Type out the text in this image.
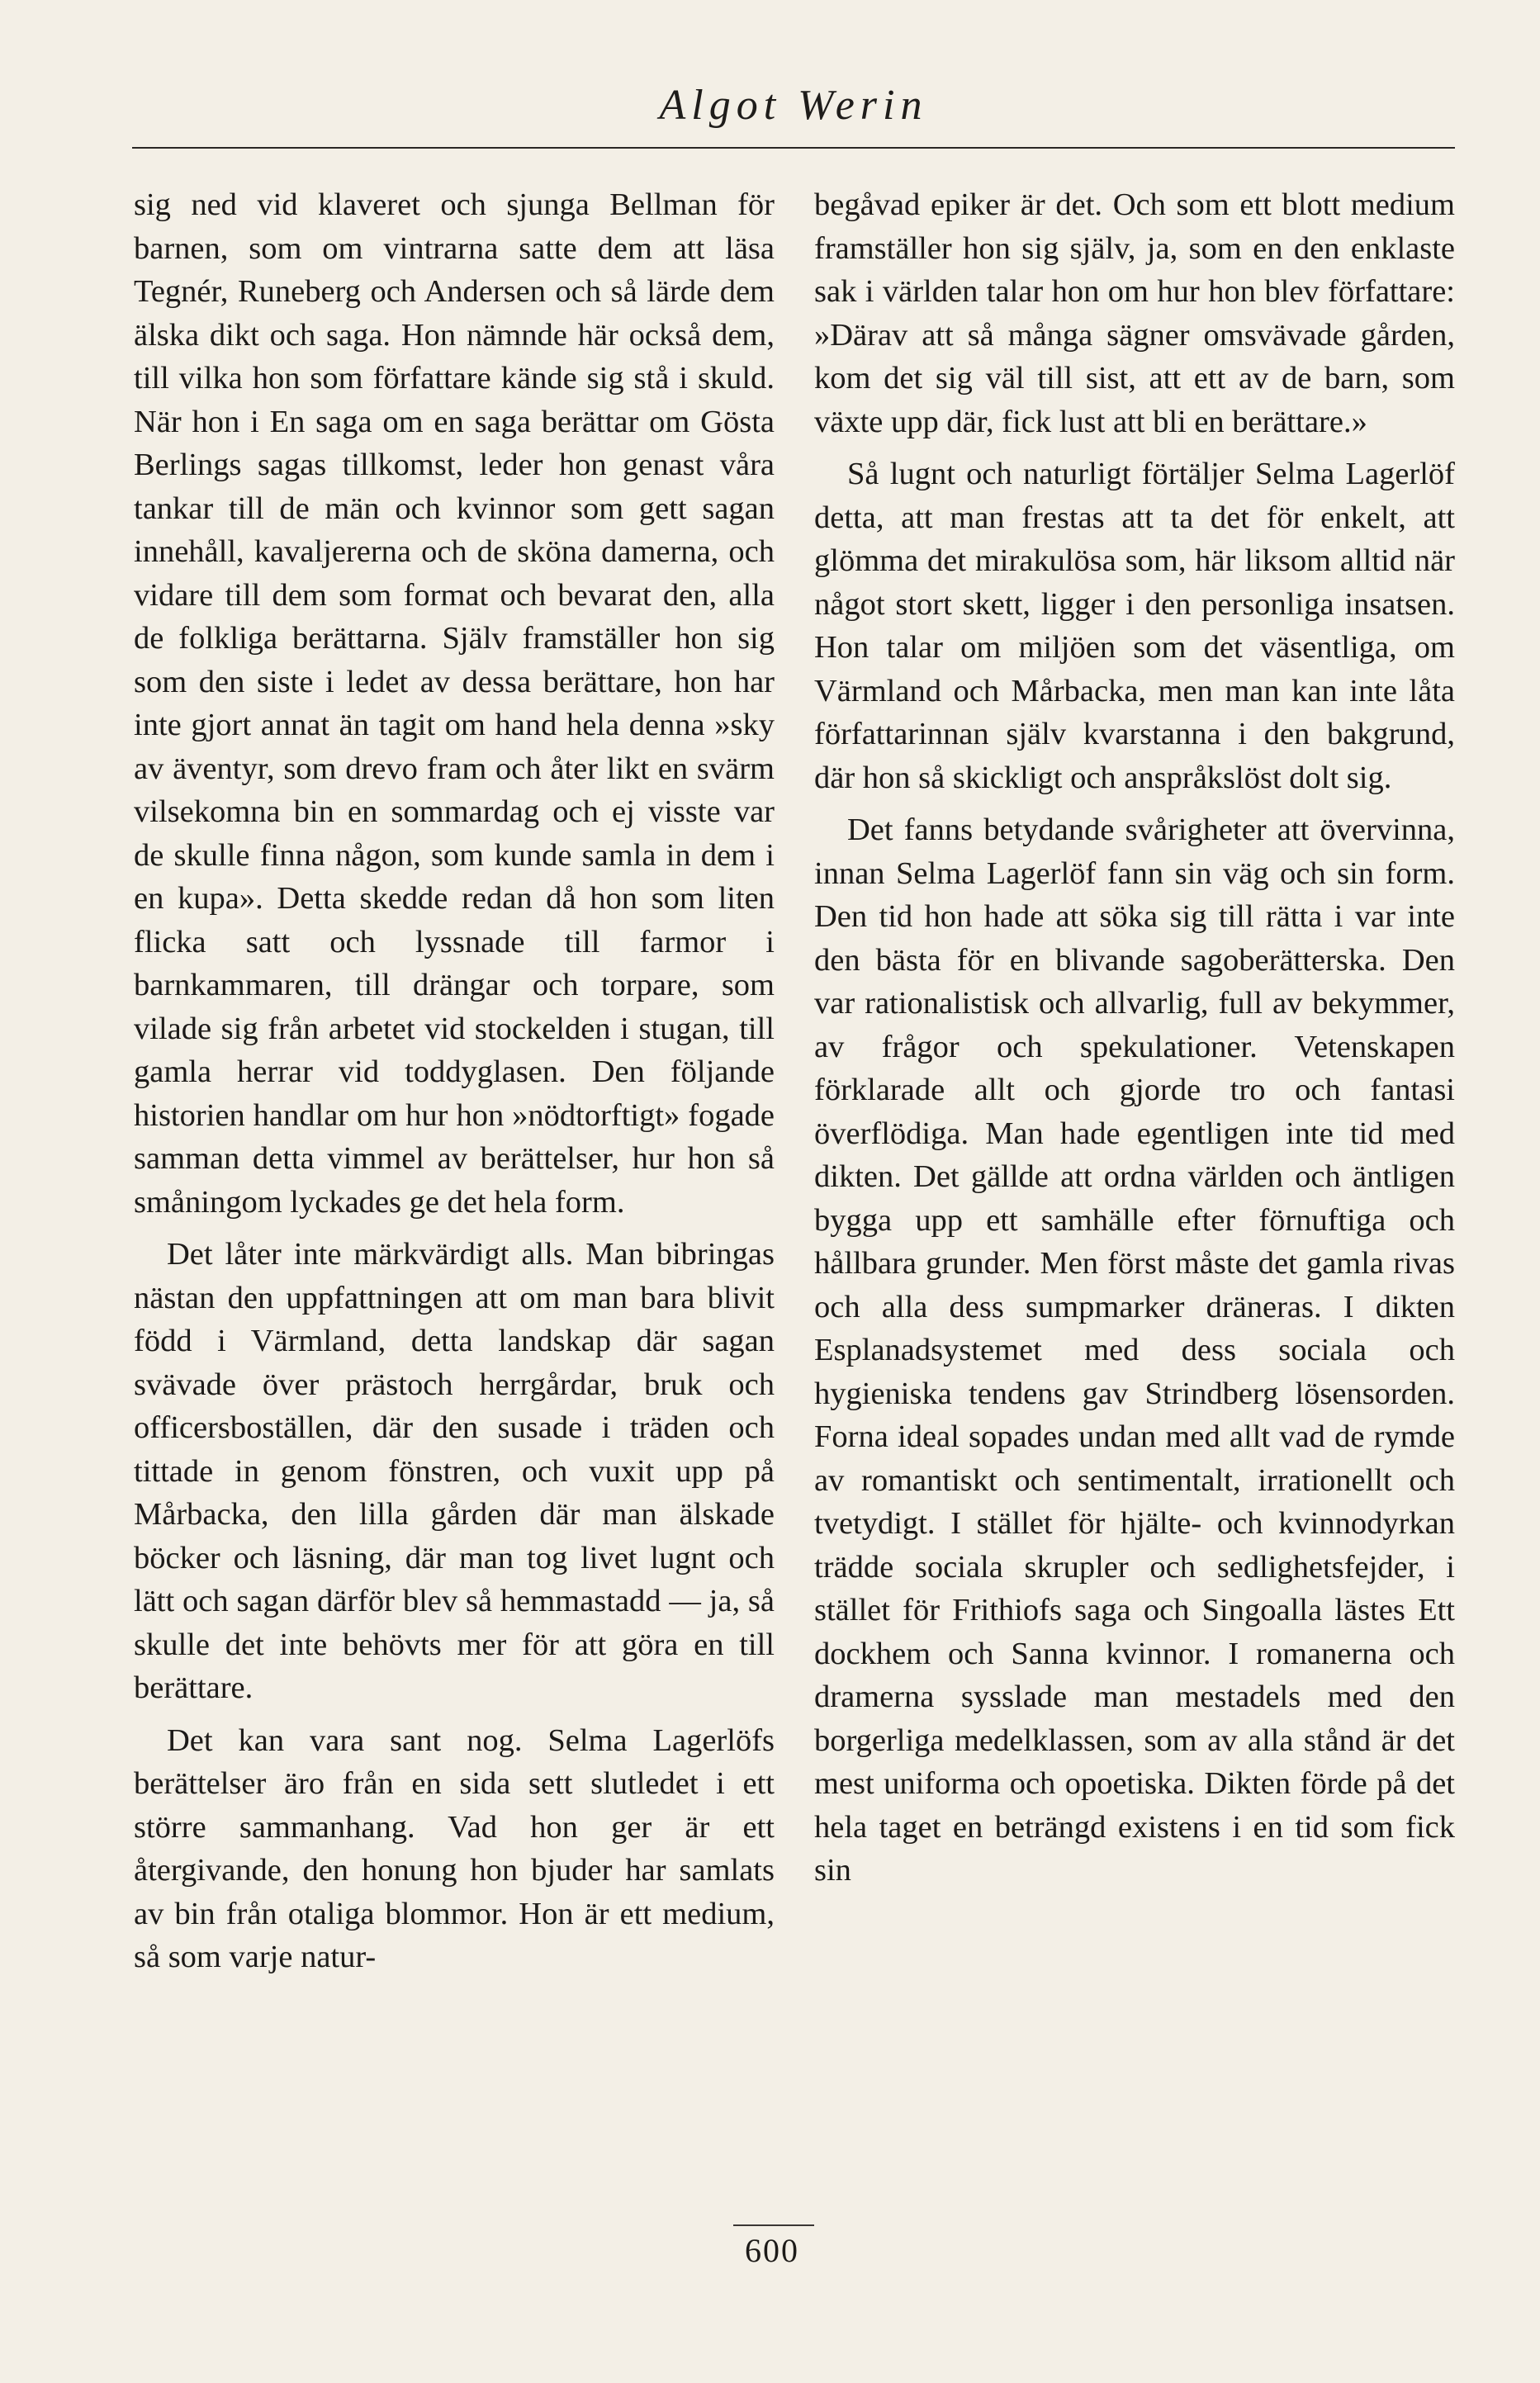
Algot Werin

sig ned vid klaveret och sjunga Bellman för barnen, som om vintrarna satte dem att läsa Tegnér, Runeberg och Andersen och så lärde dem älska dikt och saga. Hon nämnde här också dem, till vilka hon som författare kände sig stå i skuld. När hon i En saga om en saga berättar om Gösta Berlings sagas tillkomst, leder hon genast våra tankar till de män och kvinnor som gett sagan innehåll, kavaljererna och de sköna damerna, och vidare till dem som format och bevarat den, alla de folkliga berättarna. Själv framställer hon sig som den siste i ledet av dessa berättare, hon har inte gjort annat än tagit om hand hela denna »sky av äventyr, som drevo fram och åter likt en svärm vilsekomna bin en sommardag och ej visste var de skulle finna någon, som kunde samla in dem i en kupa». Detta skedde redan då hon som liten flicka satt och lyssnade till farmor i barnkammaren, till drängar och torpare, som vilade sig från arbetet vid stockelden i stugan, till gamla herrar vid toddyglasen. Den följande historien handlar om hur hon »nödtorftigt» fogade samman detta vimmel av berättelser, hur hon så småningom lyckades ge det hela form.

Det låter inte märkvärdigt alls. Man bibringas nästan den uppfattningen att om man bara blivit född i Värmland, detta landskap där sagan svävade över prästoch herrgårdar, bruk och officersboställen, där den susade i träden och tittade in genom fönstren, och vuxit upp på Mårbacka, den lilla gården där man älskade böcker och läsning, där man tog livet lugnt och lätt och sagan därför blev så hemmastadd — ja, så skulle det inte behövts mer för att göra en till berättare.

Det kan vara sant nog. Selma Lagerlöfs berättelser äro från en sida sett slutledet i ett större sammanhang. Vad hon ger är ett återgivande, den honung hon bjuder har samlats av bin från otaliga blommor. Hon är ett medium, så som varje natur-

begåvad epiker är det. Och som ett blott medium framställer hon sig själv, ja, som en den enklaste sak i världen talar hon om hur hon blev författare: »Därav att så många sägner omsvävade gården, kom det sig väl till sist, att ett av de barn, som växte upp där, fick lust att bli en berättare.»

Så lugnt och naturligt förtäljer Selma Lagerlöf detta, att man frestas att ta det för enkelt, att glömma det mirakulösa som, här liksom alltid när något stort skett, ligger i den personliga insatsen. Hon talar om miljöen som det väsentliga, om Värmland och Mårbacka, men man kan inte låta författarinnan själv kvarstanna i den bakgrund, där hon så skickligt och anspråkslöst dolt sig.

Det fanns betydande svårigheter att övervinna, innan Selma Lagerlöf fann sin väg och sin form. Den tid hon hade att söka sig till rätta i var inte den bästa för en blivande sagoberätterska. Den var rationalistisk och allvarlig, full av bekymmer, av frågor och spekulationer. Vetenskapen förklarade allt och gjorde tro och fantasi överflödiga. Man hade egentligen inte tid med dikten. Det gällde att ordna världen och äntligen bygga upp ett samhälle efter förnuftiga och hållbara grunder. Men först måste det gamla rivas och alla dess sumpmarker dräneras. I dikten Esplanadsystemet med dess sociala och hygieniska tendens gav Strindberg lösensorden. Forna ideal sopades undan med allt vad de rymde av romantiskt och sentimentalt, irrationellt och tvetydigt. I stället för hjälte- och kvinnodyrkan trädde sociala skrupler och sedlighetsfejder, i stället för Frithiofs saga och Singoalla lästes Ett dockhem och Sanna kvinnor. I romanerna och dramerna sysslade man mestadels med den borgerliga medelklassen, som av alla stånd är det mest uniforma och opoetiska. Dikten förde på det hela taget en beträngd existens i en tid som fick sin

600
